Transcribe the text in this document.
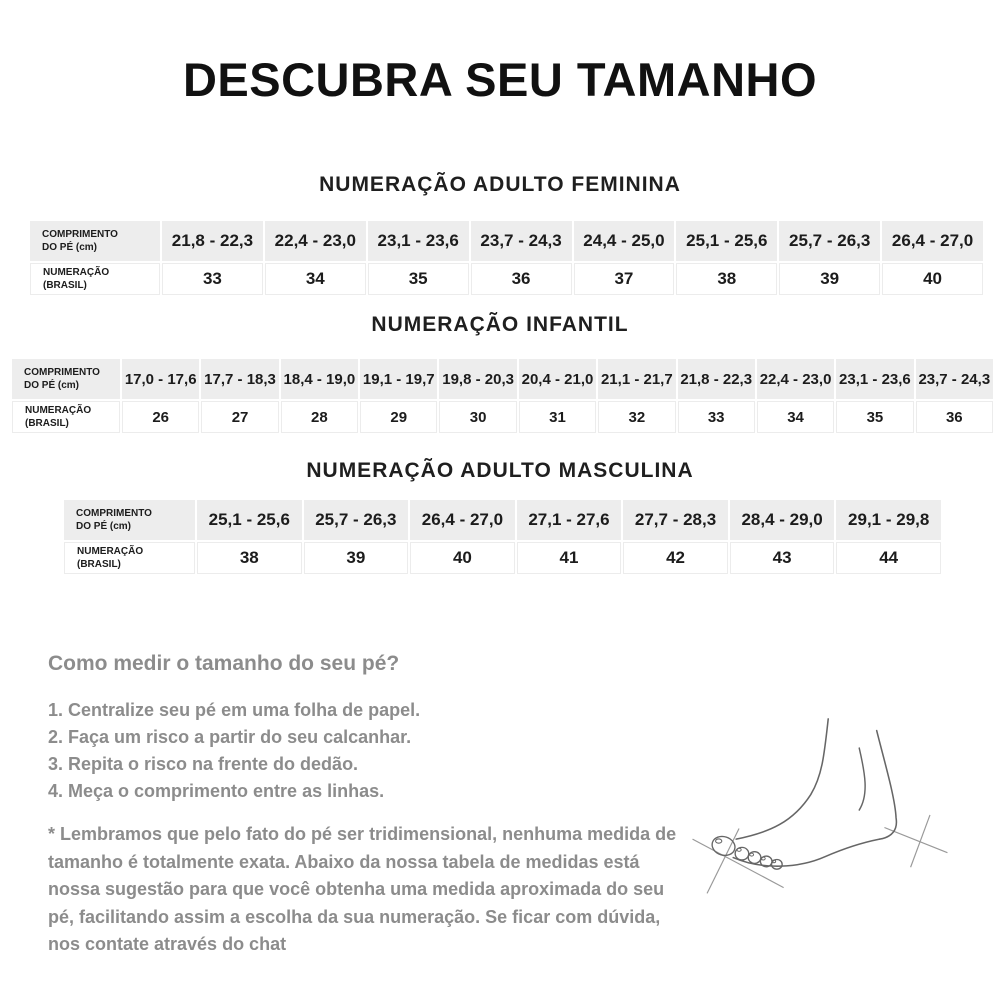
DESCUBRA SEU TAMANHO
NUMERAÇÃO ADULTO FEMININA
COMPRIMENTO
DO PÉ (cm)	21,8 - 22,3	22,4 - 23,0	23,1 - 23,6	23,7 - 24,3	24,4 - 25,0	25,1 - 25,6	25,7 - 26,3	26,4 - 27,0
NUMERAÇÃO
(BRASIL)	33	34	35	36	37	38	39	40
NUMERAÇÃO INFANTIL
COMPRIMENTO
DO PÉ (cm)	17,0 - 17,6	17,7 - 18,3	18,4 - 19,0	19,1 - 19,7	19,8 - 20,3	20,4 - 21,0	21,1 - 21,7	21,8 - 22,3	22,4 - 23,0	23,1 - 23,6	23,7 - 24,3
NUMERAÇÃO
(BRASIL)	26	27	28	29	30	31	32	33	34	35	36
NUMERAÇÃO ADULTO MASCULINA
COMPRIMENTO
DO PÉ (cm)	25,1 - 25,6	25,7 - 26,3	26,4 - 27,0	27,1 - 27,6	27,7 - 28,3	28,4 - 29,0	29,1 - 29,8
NUMERAÇÃO
(BRASIL)	38	39	40	41	42	43	44
Como medir o tamanho do seu pé?
1. Centralize seu pé em uma folha de papel.
2. Faça um risco a partir do seu calcanhar.
3. Repita o risco na frente do dedão.
4. Meça o comprimento entre as linhas.
* Lembramos que pelo fato do pé ser tridimensional, nenhuma medida de tamanho é totalmente exata. Abaixo da nossa tabela de medidas está nossa sugestão para que você obtenha uma medida aproximada do seu pé, facilitando assim a escolha da sua numeração. Se ficar com dúvida, nos contate através do chat
